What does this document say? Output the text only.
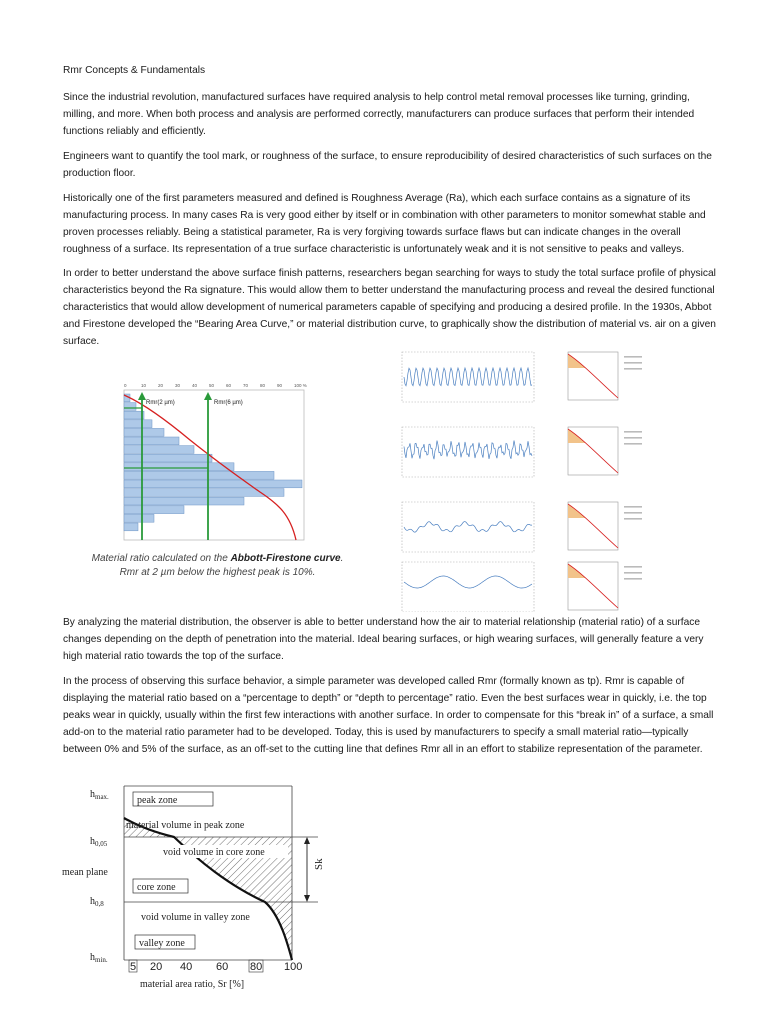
Rmr Concepts & Fundamentals
Since the industrial revolution, manufactured surfaces have required analysis to help control metal removal processes like turning, grinding, milling, and more. When both process and analysis are performed correctly, manufacturers can produce surfaces that perform their intended functions reliably and efficiently.
Engineers want to quantify the tool mark, or roughness of the surface, to ensure reproducibility of desired characteristics of such surfaces on the production floor.
Historically one of the first parameters measured and defined is Roughness Average (Ra), which each surface contains as a signature of its manufacturing process. In many cases Ra is very good either by itself or in combination with other parameters to monitor somewhat stable and proven processes reliably. Being a statistical parameter, Ra is very forgiving towards surface flaws but can indicate changes in the overall roughness of a surface. Its representation of a true surface characteristic is unfortunately weak and it is not sensitive to peaks and valleys.
In order to better understand the above surface finish patterns, researchers began searching for ways to study the total surface profile of physical characteristics beyond the Ra signature. This would allow them to better understand the manufacturing process and reveal the desired functional characteristics that would allow development of numerical parameters capable of specifying and producing a desired profile. In the 1930s, Abbot and Firestone developed the “Bearing Area Curve,” or material distribution curve, to graphically show the distribution of material vs. air on a given surface.
0	10	20	30	40	50	60	70	80	90	100 %
Rmr(2 µm)	Rmr(6 µm)
Material ratio calculated on the Abbott-Firestone curve.
Rmr at 2 µm below the highest peak is 10%.
By analyzing the material distribution, the observer is able to better understand how the air to material relationship (material ratio) of a surface changes depending on the depth of penetration into the material. Ideal bearing surfaces, or high wearing surfaces, will generally feature a very high material ratio towards the top of the surface.
In the process of observing this surface behavior, a simple parameter was developed called Rmr (formally known as tp). Rmr is capable of displaying the material ratio based on a “percentage to depth” or “depth to percentage” ratio. Even the best surfaces wear in quickly, i.e. the top peaks wear in quickly, usually within the first few interactions with another surface. In order to compensate for this “break in” of a surface, a small add-on to the material ratio parameter had to be developed. Today, this is used by manufacturers to specify a small material ratio—typically between 0% and 5% of the surface, as an off-set to the cutting line that defines Rmr all in an effort to stabilize representation of the parameter.
Sk
$h_{max.}$
$h_{0,05}$
mean plane
$h_{0,8}$
$h_{min.}$
peak zone
material volume in peak zone
void volume in core zone
core zone
void volume in valley zone
valley zone
5 20 40 60 80 100
material area ratio, Sr [%]
